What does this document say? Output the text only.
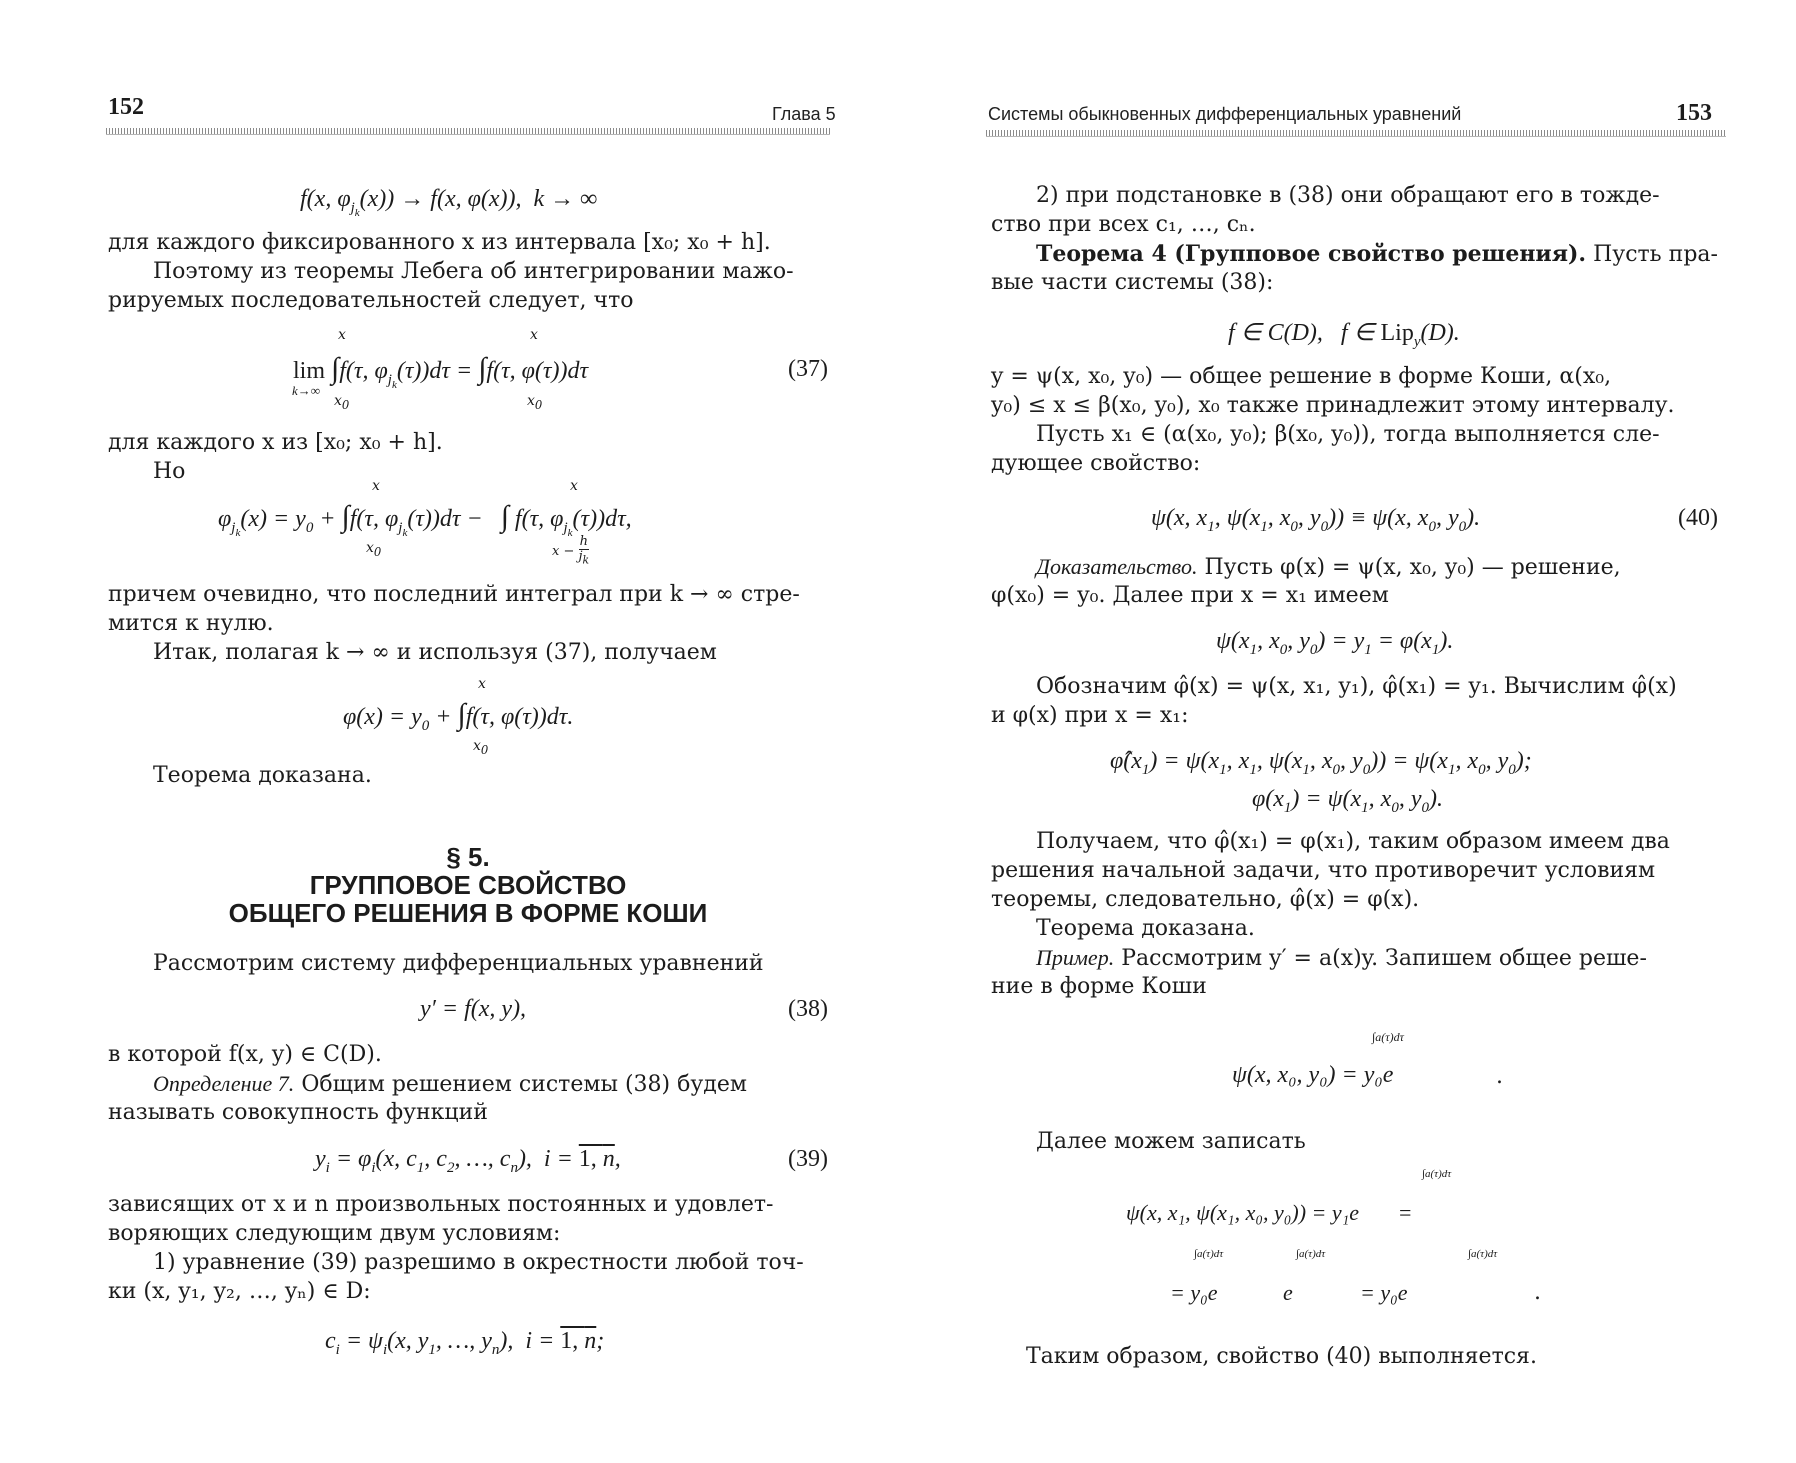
152	Глава 5
f(x, $\varphi_{j_k}(x)) \to f(x$, φ(x)),  k → ∞
для каждого фиксированного x из интервала [x₀; x₀ + h].
Поэтому из теоремы Лебега об интегрировании мажо-
рируемых последовательностей следует, что
lim ∫f(τ, $\varphi_{j_k}(\tau))d\tau = \int f(\tau$, φ(τ))dτ
k→∞
x
$x_0$
x
$x_0$
(37)
для каждого x из [x₀; x₀ + h].
Но
$\varphi_{j_k}(x) = y_0 + \int f(\tau$, $\varphi_{j_k}(\tau))d\tau$ −   ∫ f(τ, $\varphi_{j_k}(\tau))d\tau$,
x
$x_0$
x
$x - \frac{h}{j_k}$
причем очевидно, что последний интеграл при k → ∞ стре-
мится к нулю.
Итак, полагая k → ∞ и используя (37), получаем
$\varphi(x) = y_0 + \int f(\tau$, φ(τ))dτ.
x
$x_0$
Теорема доказана.
§ 5.
ГРУППОВОЕ СВОЙСТВО
ОБЩЕГО РЕШЕНИЯ В ФОРМЕ КОШИ
Рассмотрим систему дифференциальных уравнений
y′ = f(x, y),	(38)
в которой f(x, y) ∈ C(D).
Определение 7. Общим решением системы (38) будем
называть совокупность функций
$y_i = \varphi_i(x$, $c_1$, $c_2$, …, $c_n$),  i = 1, n,	(39)
зависящих от x и n произвольных постоянных и удовлет-
воряющих следующим двум условиям:
1) уравнение (39) разрешимо в окрестности любой точ-
ки (x, y₁, y₂, …, yₙ) ∈ D:
$c_i = \psi_i(x$, $y_1$, …, $y_n$),  i = 1, n;
Системы обыкновенных дифференциальных уравнений	153
2) при подстановке в (38) они обращают его в тожде-
ство при всех c₁, …, cₙ.
Теорема 4 (Групповое свойство решения). Пусть пра-
вые части системы (38):
f ∈ C(D),   f ∈ Lip$_y$(D).
y = ψ(x, x₀, y₀) — общее решение в форме Коши, α(x₀,
y₀) ≤ x ≤ β(x₀, y₀), x₀ также принадлежит этому интервалу.
Пусть x₁ ∈ (α(x₀, y₀); β(x₀, y₀)), тогда выполняется сле-
дующее свойство:
ψ(x, $x_1$, $\psi(x_1$, $x_0$, $y_0)) \equiv \psi(x$, $x_0$, $y_0$).	(40)
Доказательство. Пусть φ(x) = ψ(x, x₀, y₀) — решение,
φ(x₀) = y₀. Далее при x = x₁ имеем
$\psi(x_1$, $x_0$, $y_0) = y_1 = \varphi(x_1)$.
Обозначим φ̂(x) = ψ(x, x₁, y₁), φ̂(x₁) = y₁. Вычислим φ̂(x)
и φ(x) при x = x₁:
$\varphî(x_1) = \psi(x_1$, $x_1$, $\psi(x_1$, $x_0$, $y_0)) = \psi(x_1$, $x_0$, $y_0$);
$\varphi(x_1) = \psi(x_1$, $x_0$, $y_0$).
Получаем, что φ̂(x₁) = φ(x₁), таким образом имеем два
решения начальной задачи, что противоречит условиям
теоремы, следовательно, φ̂(x) = φ(x).
Теорема доказана.
Пример. Рассмотрим y′ = a(x)y. Запишем общее реше-
ние в форме Коши
ψ(x, x₀, y₀) = y₀e
∫a(τ)dτ
.
Далее можем записать
ψ(x, x₁, ψ(x₁, x₀, y₀)) = y₁e       =
∫a(τ)dτ
= y₀e
∫a(τ)dτ
e
∫a(τ)dτ
= y₀e
∫a(τ)dτ
.
Таким образом, свойство (40) выполняется.
